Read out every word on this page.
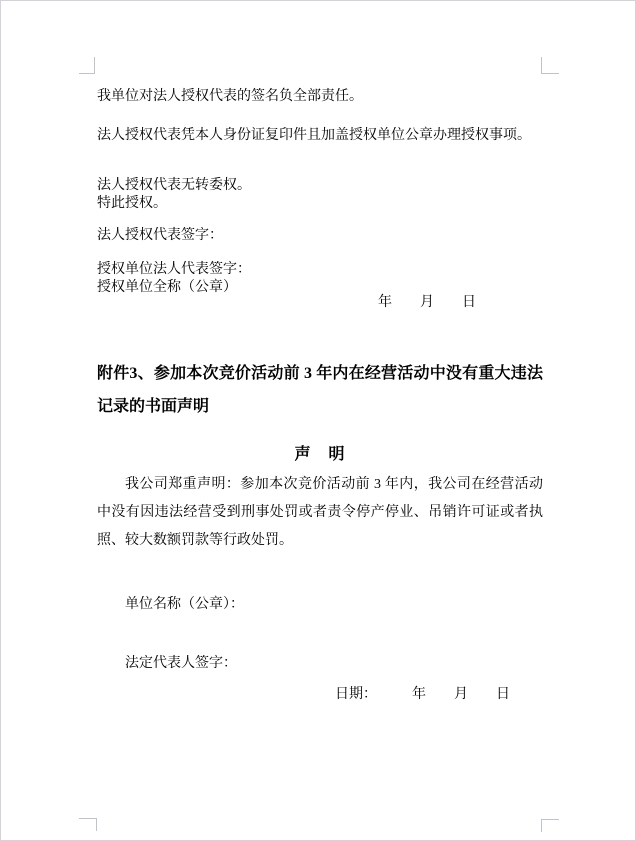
我单位对法人授权代表的签名负全部责任。
法人授权代表凭本人身份证复印件且加盖授权单位公章办理授权事项。
法人授权代表无转委权。
特此授权。
法人授权代表签字：
授权单位法人代表签字：
授权单位全称（公章）
年　　月　　日
附件3、参加本次竞价活动前 3 年内在经营活动中没有重大违法记录的书面声明
声　明
我公司郑重声明：参加本次竞价活动前 3 年内，我公司在经营活动中没有因违法经营受到刑事处罚或者责令停产停业、吊销许可证或者执照、较大数额罚款等行政处罚。
单位名称（公章）：
法定代表人签字：
日期：　　　年　　月　　日
